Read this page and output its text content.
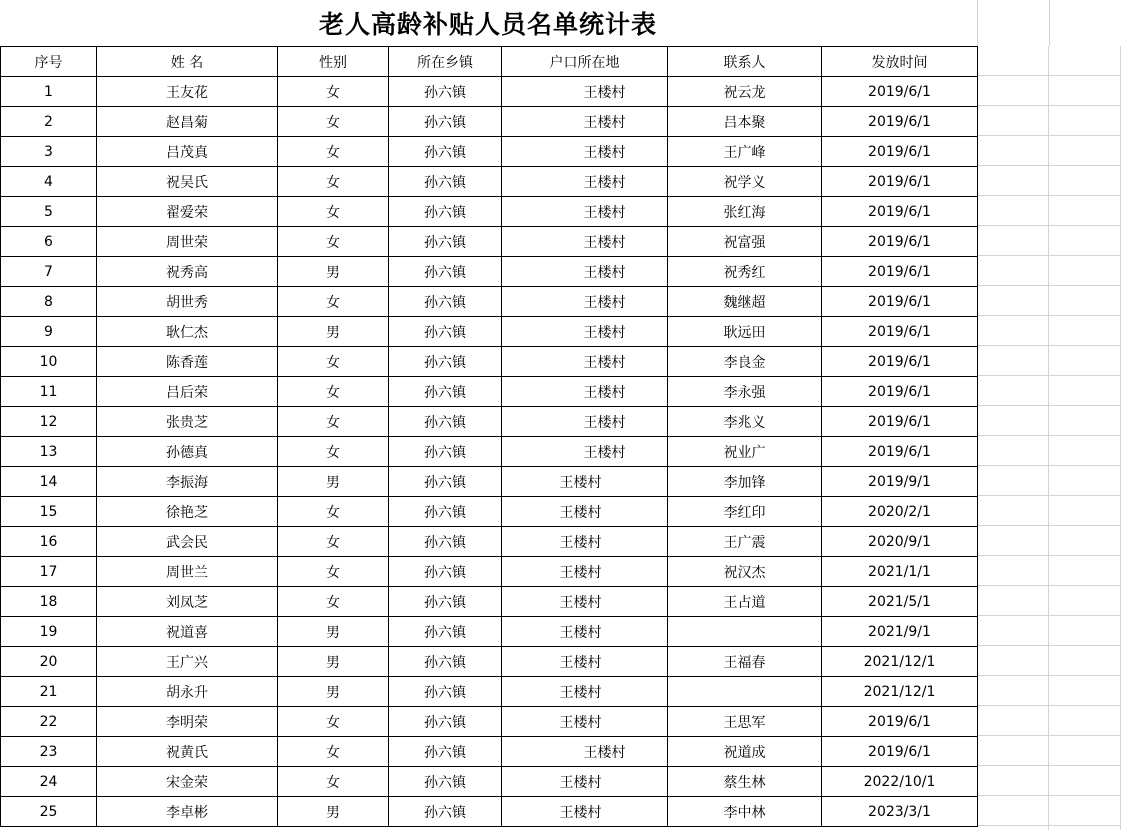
老人高龄补贴人员名单统计表
序号	姓 名	性别	所在乡镇	户口所在地	联系人	发放时间
1	王友花	女	孙六镇	王楼村	祝云龙	2019/6/1
2	赵昌菊	女	孙六镇	王楼村	吕本聚	2019/6/1
3	吕茂真	女	孙六镇	王楼村	王广峰	2019/6/1
4	祝吴氏	女	孙六镇	王楼村	祝学义	2019/6/1
5	翟爱荣	女	孙六镇	王楼村	张红海	2019/6/1
6	周世荣	女	孙六镇	王楼村	祝富强	2019/6/1
7	祝秀高	男	孙六镇	王楼村	祝秀红	2019/6/1
8	胡世秀	女	孙六镇	王楼村	魏继超	2019/6/1
9	耿仁杰	男	孙六镇	王楼村	耿远田	2019/6/1
10	陈香莲	女	孙六镇	王楼村	李良金	2019/6/1
11	吕后荣	女	孙六镇	王楼村	李永强	2019/6/1
12	张贵芝	女	孙六镇	王楼村	李兆义	2019/6/1
13	孙德真	女	孙六镇	王楼村	祝业广	2019/6/1
14	李振海	男	孙六镇	王楼村	李加锋	2019/9/1
15	徐艳芝	女	孙六镇	王楼村	李红印	2020/2/1
16	武会民	女	孙六镇	王楼村	王广震	2020/9/1
17	周世兰	女	孙六镇	王楼村	祝汉杰	2021/1/1
18	刘凤芝	女	孙六镇	王楼村	王占道	2021/5/1
19	祝道喜	男	孙六镇	王楼村		2021/9/1
20	王广兴	男	孙六镇	王楼村	王福春	2021/12/1
21	胡永升	男	孙六镇	王楼村		2021/12/1
22	李明荣	女	孙六镇	王楼村	王思军	2019/6/1
23	祝黄氏	女	孙六镇	王楼村	祝道成	2019/6/1
24	宋金荣	女	孙六镇	王楼村	蔡生林	2022/10/1
25	李卓彬	男	孙六镇	王楼村	李中林	2023/3/1
